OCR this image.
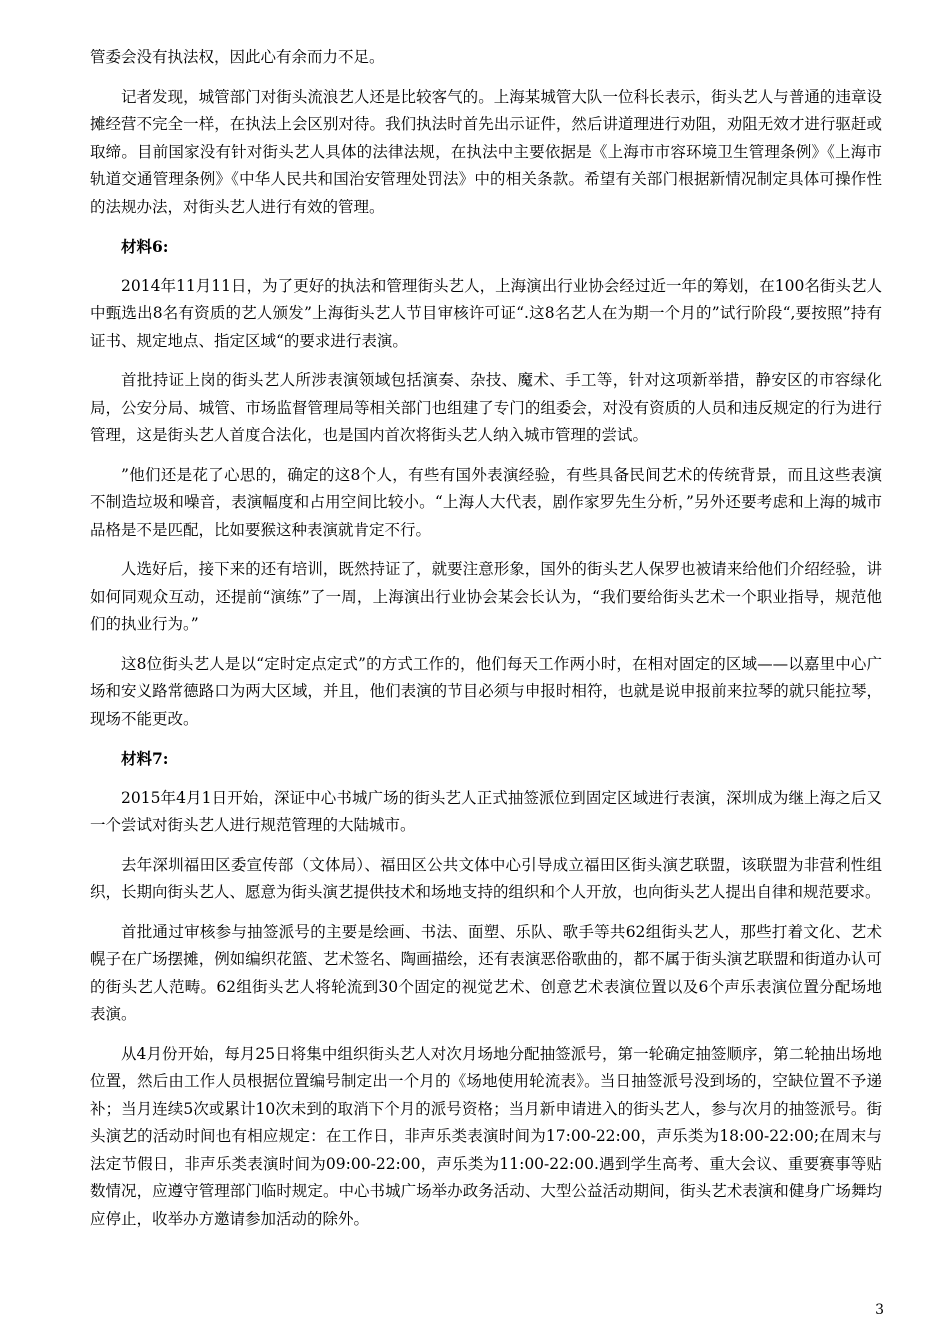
管委会没有执法权，因此心有余而力不足。

记者发现，城管部门对街头流浪艺人还是比较客气的。上海某城管大队一位科长表示，街头艺人与普通的违章设摊经营不完全一样，在执法上会区别对待。我们执法时首先出示证件，然后讲道理进行劝阻，劝阻无效才进行驱赶或取缔。目前国家没有针对街头艺人具体的法律法规，在执法中主要依据是《上海市市容环境卫生管理条例》《上海市轨道交通管理条例》《中华人民共和国治安管理处罚法》中的相关条款。希望有关部门根据新情况制定具体可操作性的法规办法，对街头艺人进行有效的管理。

材料6:

2014年11月11日，为了更好的执法和管理街头艺人，上海演出行业协会经过近一年的筹划，在100名街头艺人中甄选出8名有资质的艺人颁发”上海街头艺人节目审核许可证“.这8名艺人在为期一个月的”试行阶段“,要按照”持有证书、规定地点、指定区域“的要求进行表演。

首批持证上岗的街头艺人所涉表演领域包括演奏、杂技、魔术、手工等，针对这项新举措，静安区的市容绿化局，公安分局、城管、市场监督管理局等相关部门也组建了专门的组委会，对没有资质的人员和违反规定的行为进行管理，这是街头艺人首度合法化，也是国内首次将街头艺人纳入城市管理的尝试。

”他们还是花了心思的，确定的这8个人，有些有国外表演经验，有些具备民间艺术的传统背景，而且这些表演不制造垃圾和噪音，表演幅度和占用空间比较小。“上海人大代表，剧作家罗先生分析，”另外还要考虑和上海的城市品格是不是匹配，比如要猴这种表演就肯定不行。

人选好后，接下来的还有培训，既然持证了，就要注意形象，国外的街头艺人保罗也被请来给他们介绍经验，讲如何同观众互动，还提前“演练”了一周，上海演出行业协会某会长认为，“我们要给街头艺术一个职业指导，规范他们的执业行为。”

这8位街头艺人是以“定时定点定式”的方式工作的，他们每天工作两小时，在相对固定的区域——以嘉里中心广场和安义路常德路口为两大区域，并且，他们表演的节目必须与申报时相符，也就是说申报前来拉琴的就只能拉琴，现场不能更改。

材料7:

2015年4月1日开始，深证中心书城广场的街头艺人正式抽签派位到固定区域进行表演，深圳成为继上海之后又一个尝试对街头艺人进行规范管理的大陆城市。

去年深圳福田区委宣传部（文体局）、福田区公共文体中心引导成立福田区街头演艺联盟，该联盟为非营利性组织，长期向街头艺人、愿意为街头演艺提供技术和场地支持的组织和个人开放，也向街头艺人提出自律和规范要求。

首批通过审核参与抽签派号的主要是绘画、书法、面塑、乐队、歌手等共62组街头艺人，那些打着文化、艺术幌子在广场摆摊，例如编织花篮、艺术签名、陶画描绘，还有表演恶俗歌曲的，都不属于街头演艺联盟和街道办认可的街头艺人范畴。62组街头艺人将轮流到30个固定的视觉艺术、创意艺术表演位置以及6个声乐表演位置分配场地表演。

从4月份开始，每月25日将集中组织街头艺人对次月场地分配抽签派号，第一轮确定抽签顺序，第二轮抽出场地位置，然后由工作人员根据位置编号制定出一个月的《场地使用轮流表》。当日抽签派号没到场的，空缺位置不予递补；当月连续5次或累计10次未到的取消下个月的派号资格；当月新申请进入的街头艺人，参与次月的抽签派号。街头演艺的活动时间也有相应规定：在工作日，非声乐类表演时间为17:00-22:00，声乐类为18:00-22:00;在周末与法定节假日，非声乐类表演时间为09:00-22:00，声乐类为11:00-22:00.遇到学生高考、重大会议、重要赛事等贴数情况，应遵守管理部门临时规定。中心书城广场举办政务活动、大型公益活动期间，街头艺术表演和健身广场舞均应停止，收举办方邀请参加活动的除外。

3
